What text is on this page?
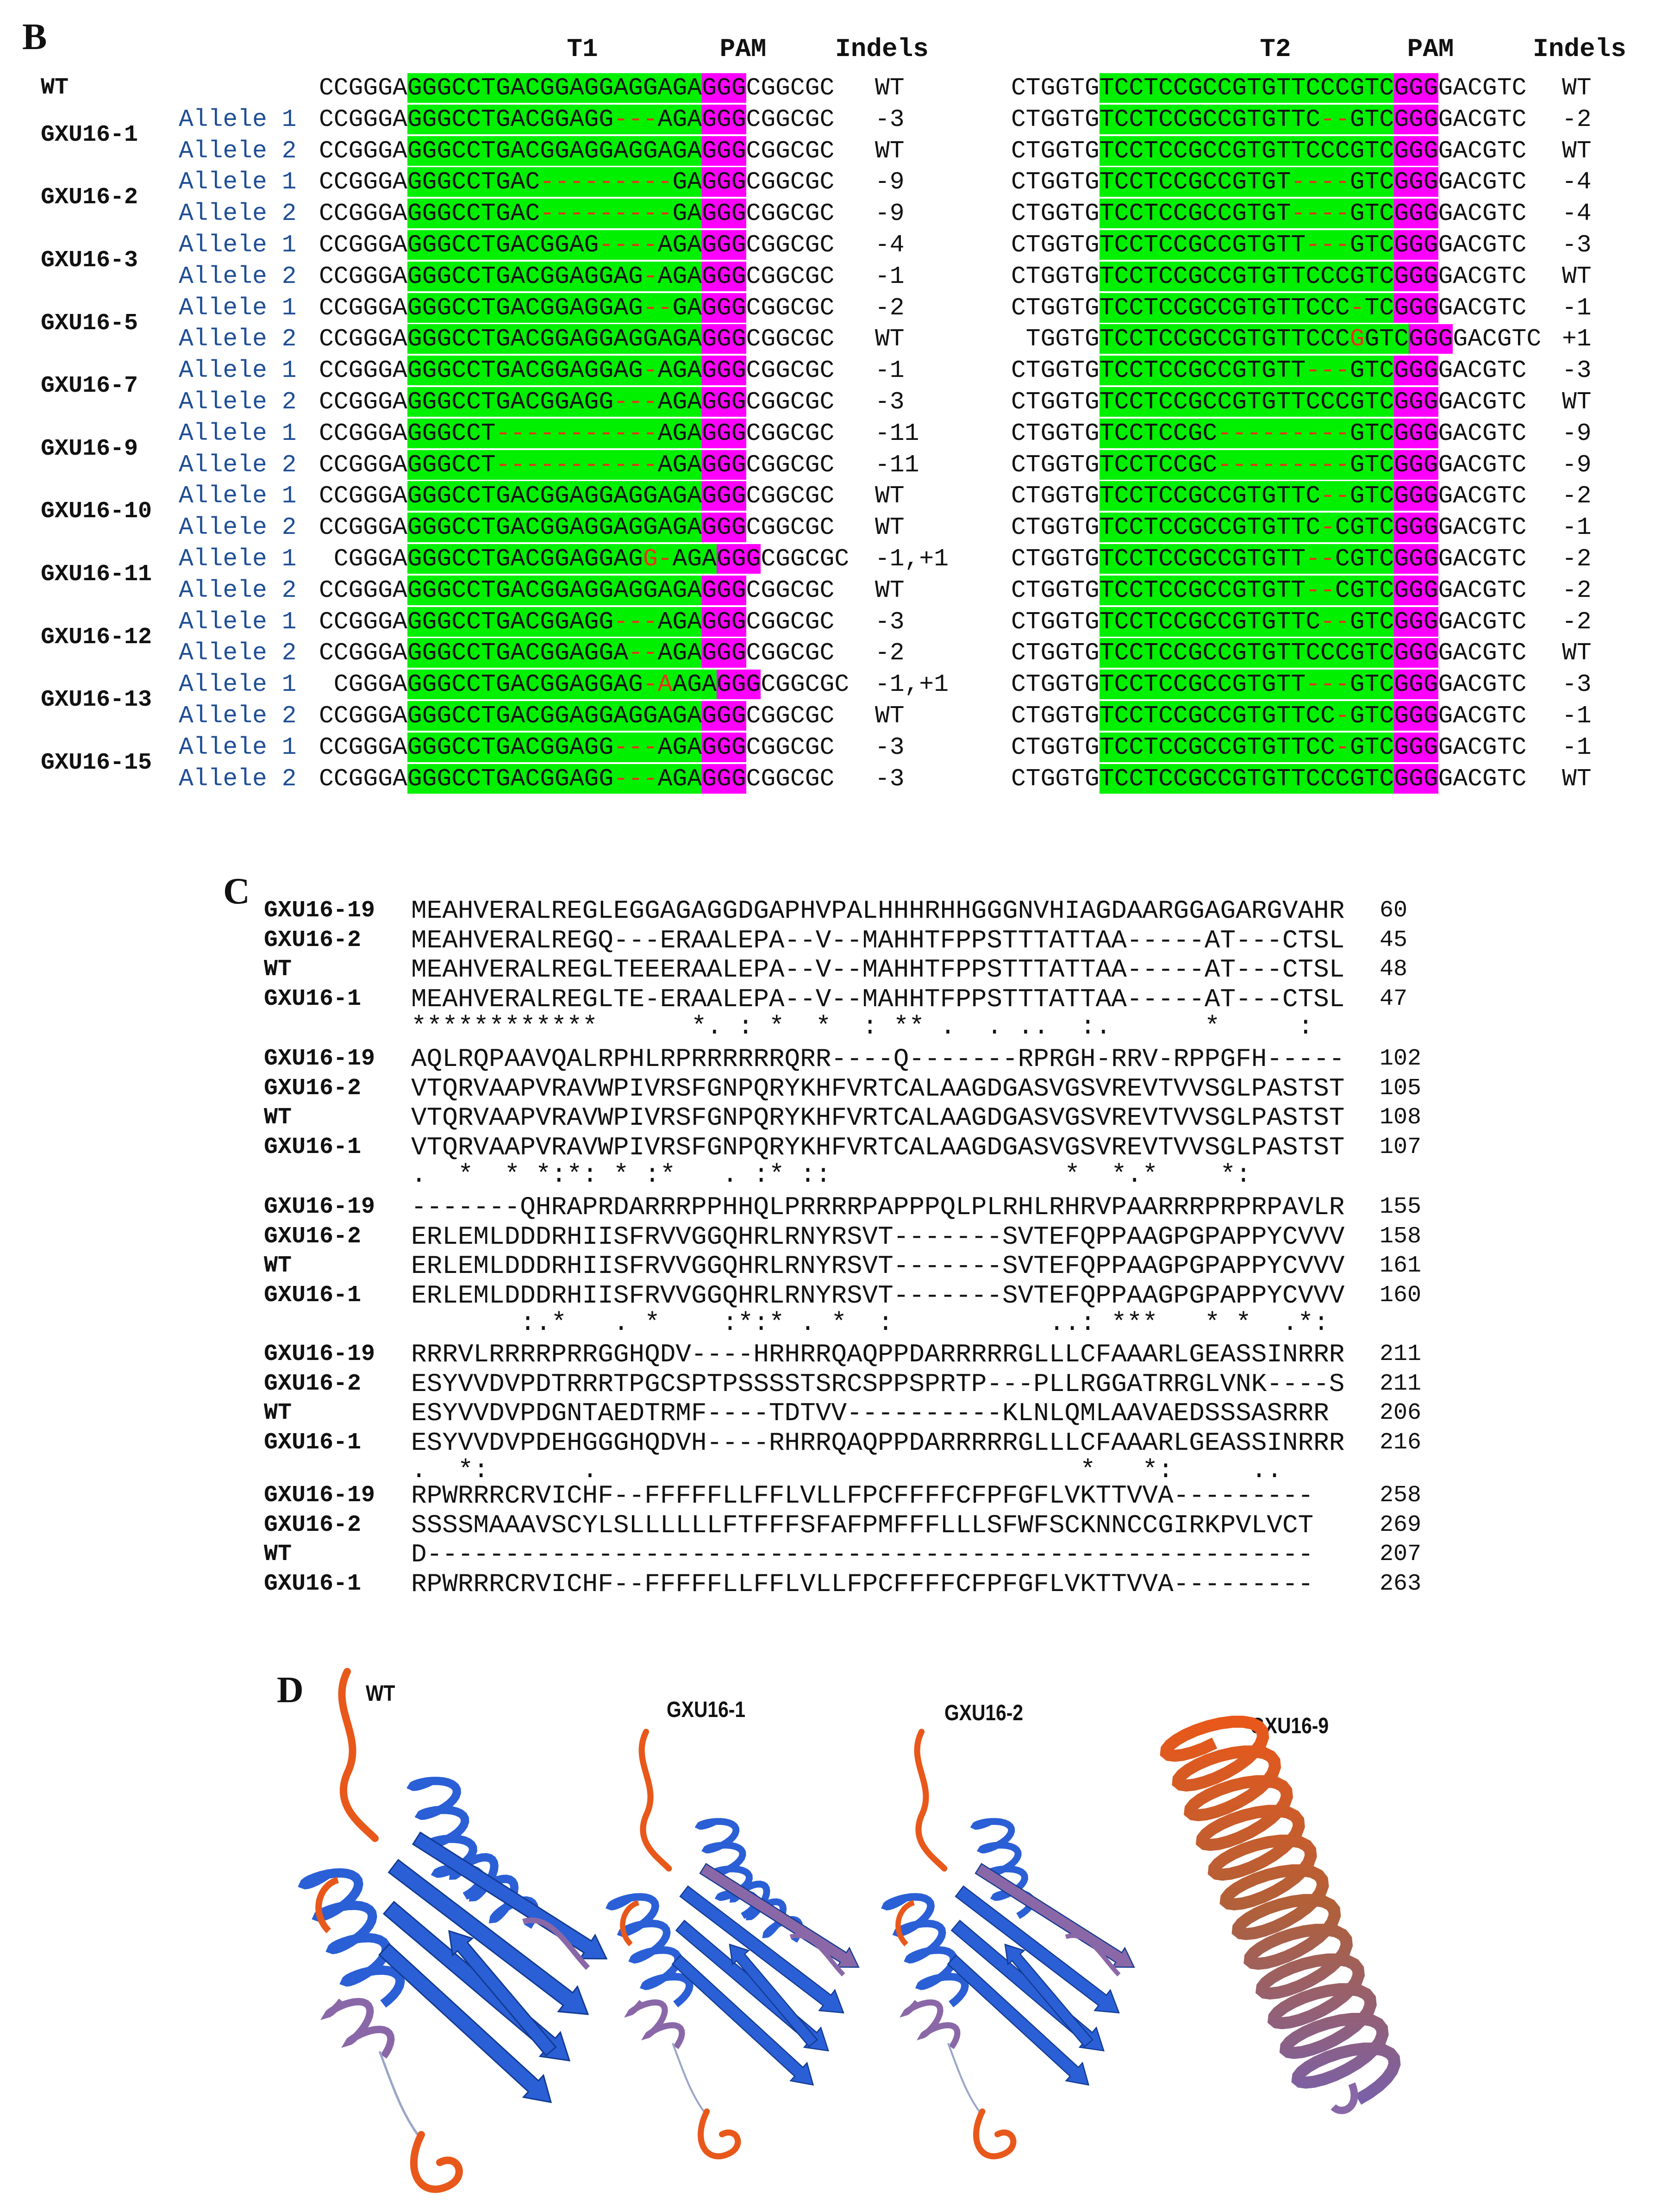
B	T1	PAM	Indels	T2	PAM	Indels
WT	CCGGGAGGGCCTGACGGAGGAGGAGAGGGCGGCGC WT	CTGGTGTCCTCCGCCGTGTTCCCGTCGGGGACGTC WT
GXU16-1
Allele 1 CCGGGAGGGCCTGACGGAGG---AGAGGGCGGCGC -3	CTGGTGTCCTCCGCCGTGTTC--GTCGGGGACGTC -2
Allele 2 CCGGGAGGGCCTGACGGAGGAGGAGAGGGCGGCGC WT	CTGGTGTCCTCCGCCGTGTTCCCGTCGGGGACGTC WT
GXU16-2
Allele 1 CCGGGAGGGCCTGAC---------GAGGGCGGCGC -9	CTGGTGTCCTCCGCCGTGT----GTCGGGGACGTC -4
Allele 2 CCGGGAGGGCCTGAC---------GAGGGCGGCGC -9	CTGGTGTCCTCCGCCGTGT----GTCGGGGACGTC -4
GXU16-3
Allele 1 CCGGGAGGGCCTGACGGAG----AGAGGGCGGCGC -4	CTGGTGTCCTCCGCCGTGTT---GTCGGGGACGTC -3
Allele 2 CCGGGAGGGCCTGACGGAGGAG-AGAGGGCGGCGC -1	CTGGTGTCCTCCGCCGTGTTCCCGTCGGGGACGTC WT
GXU16-5
Allele 1 CCGGGAGGGCCTGACGGAGGAG--GAGGGCGGCGC -2	CTGGTGTCCTCCGCCGTGTTCCC-TCGGGGACGTC -1
Allele 2 CCGGGAGGGCCTGACGGAGGAGGAGAGGGCGGCGC WT	TGGTGTCCTCCGCCGTGTTCCCGGTCGGGGACGTC +1
GXU16-7
Allele 1 CCGGGAGGGCCTGACGGAGGAG-AGAGGGCGGCGC -1	CTGGTGTCCTCCGCCGTGTT---GTCGGGGACGTC -3
Allele 2 CCGGGAGGGCCTGACGGAGG---AGAGGGCGGCGC -3	CTGGTGTCCTCCGCCGTGTTCCCGTCGGGGACGTC WT
GXU16-9
Allele 1 CCGGGAGGGCCT-----------AGAGGGCGGCGC -11	CTGGTGTCCTCCGC---------GTCGGGGACGTC -9
Allele 2 CCGGGAGGGCCT-----------AGAGGGCGGCGC -11	CTGGTGTCCTCCGC---------GTCGGGGACGTC -9
GXU16-10
Allele 1 CCGGGAGGGCCTGACGGAGGAGGAGAGGGCGGCGC WT	CTGGTGTCCTCCGCCGTGTTC--GTCGGGGACGTC -2
Allele 2 CCGGGAGGGCCTGACGGAGGAGGAGAGGGCGGCGC WT	CTGGTGTCCTCCGCCGTGTTC-CGTCGGGGACGTC -1
GXU16-11
Allele 1 CGGGAGGGCCTGACGGAGGAGG-AGAGGGCGGCGC -1,+1	CTGGTGTCCTCCGCCGTGTT--CGTCGGGGACGTC -2
Allele 2 CCGGGAGGGCCTGACGGAGGAGGAGAGGGCGGCGC WT	CTGGTGTCCTCCGCCGTGTT--CGTCGGGGACGTC -2
GXU16-12
Allele 1 CCGGGAGGGCCTGACGGAGG---AGAGGGCGGCGC -3	CTGGTGTCCTCCGCCGTGTTC--GTCGGGGACGTC -2
Allele 2 CCGGGAGGGCCTGACGGAGGA--AGAGGGCGGCGC -2	CTGGTGTCCTCCGCCGTGTTCCCGTCGGGGACGTC WT
GXU16-13
Allele 1 CGGGAGGGCCTGACGGAGGAG-AAGAGGGCGGCGC -1,+1	CTGGTGTCCTCCGCCGTGTT---GTCGGGGACGTC -3
Allele 2 CCGGGAGGGCCTGACGGAGGAGGAGAGGGCGGCGC WT	CTGGTGTCCTCCGCCGTGTTCC-GTCGGGGACGTC -1
GXU16-15
Allele 1 CCGGGAGGGCCTGACGGAGG---AGAGGGCGGCGC -3	CTGGTGTCCTCCGCCGTGTTCC-GTCGGGGACGTC -1
Allele 2 CCGGGAGGGCCTGACGGAGG---AGAGGGCGGCGC -3	CTGGTGTCCTCCGCCGTGTTCCCGTCGGGGACGTC WT
C GXU16-19 MEAHVERALREGLEGGAGAGGDGAPHVPALHHHRHHGGGNVHIAGDAARGGAGARGVAHR 60
GXU16-2 MEAHVERALREGQ---ERAALEPA--V--MAHHTFPPSTTTATTAA-----AT---CTSL 45
WT	MEAHVERALREGLTEEERAALEPA--V--MAHHTFPPSTTTATTAA-----AT---CTSL 48
GXU16-1 MEAHVERALREGLTE-ERAALEPA--V--MAHHTFPPSTTTATTAA-----AT---CTSL 47
************      *. : *  *  : ** .  . ..  :.      *     :
GXU16-19 AQLRQPAAVQALRPHLRPRRRRRRQRR----Q-------RPRGH-RRV-RPPGFH----- 102
GXU16-2 VTQRVAAPVRAVWPIVRSFGNPQRYKHFVRTCALAAGDGASVGSVREVTVVSGLPASTST 105
WT	VTQRVAAPVRAVWPIVRSFGNPQRYKHFVRTCALAAGDGASVGSVREVTVVSGLPASTST 108
GXU16-1 VTQRVAAPVRAVWPIVRSFGNPQRYKHFVRTCALAAGDGASVGSVREVTVVSGLPASTST 107
.  *  * *:*: * :*   . :* ::               *  *.*    *:
GXU16-19 -------QHRAPRDARRRPPHHQLPRRRRPAPPPQLPLRHLRHRVPAARRRPRPRPAVLR 155
GXU16-2 ERLEMLDDDRHIISFRVVGGQHRLRNYRSVT-------SVTEFQPPAAGPGPAPPYCVVV 158
WT	ERLEMLDDDRHIISFRVVGGQHRLRNYRSVT-------SVTEFQPPAAGPGPAPPYCVVV 161
GXU16-1 ERLEMLDDDRHIISFRVVGGQHRLRNYRSVT-------SVTEFQPPAAGPGPAPPYCVVV 160
:.*   . *    :*:* . *  :          ..: ***   * *  .*:
GXU16-19 RRRVLRRRRPRRGGHQDV----HRHRRQAQPPDARRRRRGLLLCFAAARLGEASSINRRR 211
GXU16-2 ESYVVDVPDTRRRTPGCSPTPSSSSTSRCSPPSPRTP---PLLRGGATRRGLVNK----S 211
WT	ESYVVDVPDGNTAEDTRMF----TDTVV----------KLNLQMLAAVAEDSSSASRRR 206
GXU16-1 ESYVVDVPDEHGGGHQDVH----RHRRQAQPPDARRRRRGLLLCFAAARLGEASSINRRR 216
.  *:      .                               *   *:     ..
GXU16-19 RPWRRRCRVICHF--FFFFFLLFFLVLLFPCFFFFCFPFGFLVKTTVVA---------	258
GXU16-2 SSSSMAAAVSCYLSLLLLLLFTFFFSFAFPMFFFLLLSFWFSCKNNCCGIRKPVLVCT	269
WT	D---------------------------------------------------------	207
GXU16-1 RPWRRRCRVICHF--FFFFFLLFFLVLLFPCFFFFCFPFGFLVKTTVVA---------	263
D	WT
GXU16-1	GXU16-2
GXU16-9
